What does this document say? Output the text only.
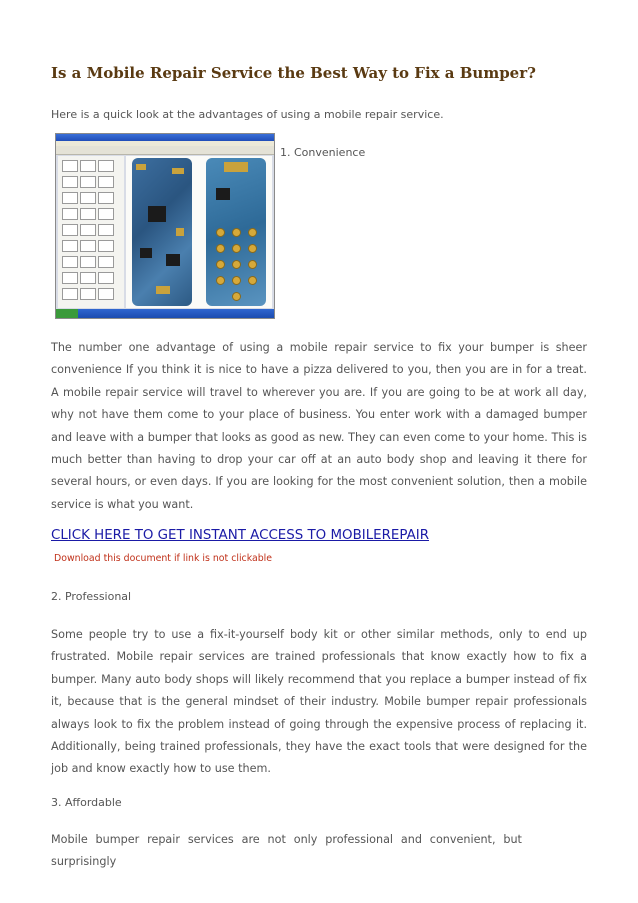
Is a Mobile Repair Service the Best Way to Fix a Bumper?
Here is a quick look at the advantages of using a mobile repair service.
1. Convenience

The number one advantage of using a mobile repair service to fix your bumper is sheer convenience If you think it is nice to have a pizza delivered to you, then you are in for a treat. A mobile repair service will travel to wherever you are. If you are going to be at work all day, why not have them come to your place of business. You enter work with a damaged bumper and leave with a bumper that looks as good as new. They can even come to your home. This is much better than having to drop your car off at an auto body shop and leaving it there for several hours, or even days. If you are looking for the most convenient solution, then a mobile service is what you want.

CLICK HERE TO GET INSTANT ACCESS TO MOBILEREPAIR
Download this document if link is not clickable
2. Professional

Some people try to use a fix-it-yourself body kit or other similar methods, only to end up frustrated. Mobile repair services are trained professionals that know exactly how to fix a bumper. Many auto body shops will likely recommend that you replace a bumper instead of fix it, because that is the general mindset of their industry. Mobile bumper repair professionals always look to fix the problem instead of going through the expensive process of replacing it. Additionally, being trained professionals, they have the exact tools that were designed for the job and know exactly how to use them.

3. Affordable

Mobile bumper repair services are not only professional and convenient, but surprisingly
